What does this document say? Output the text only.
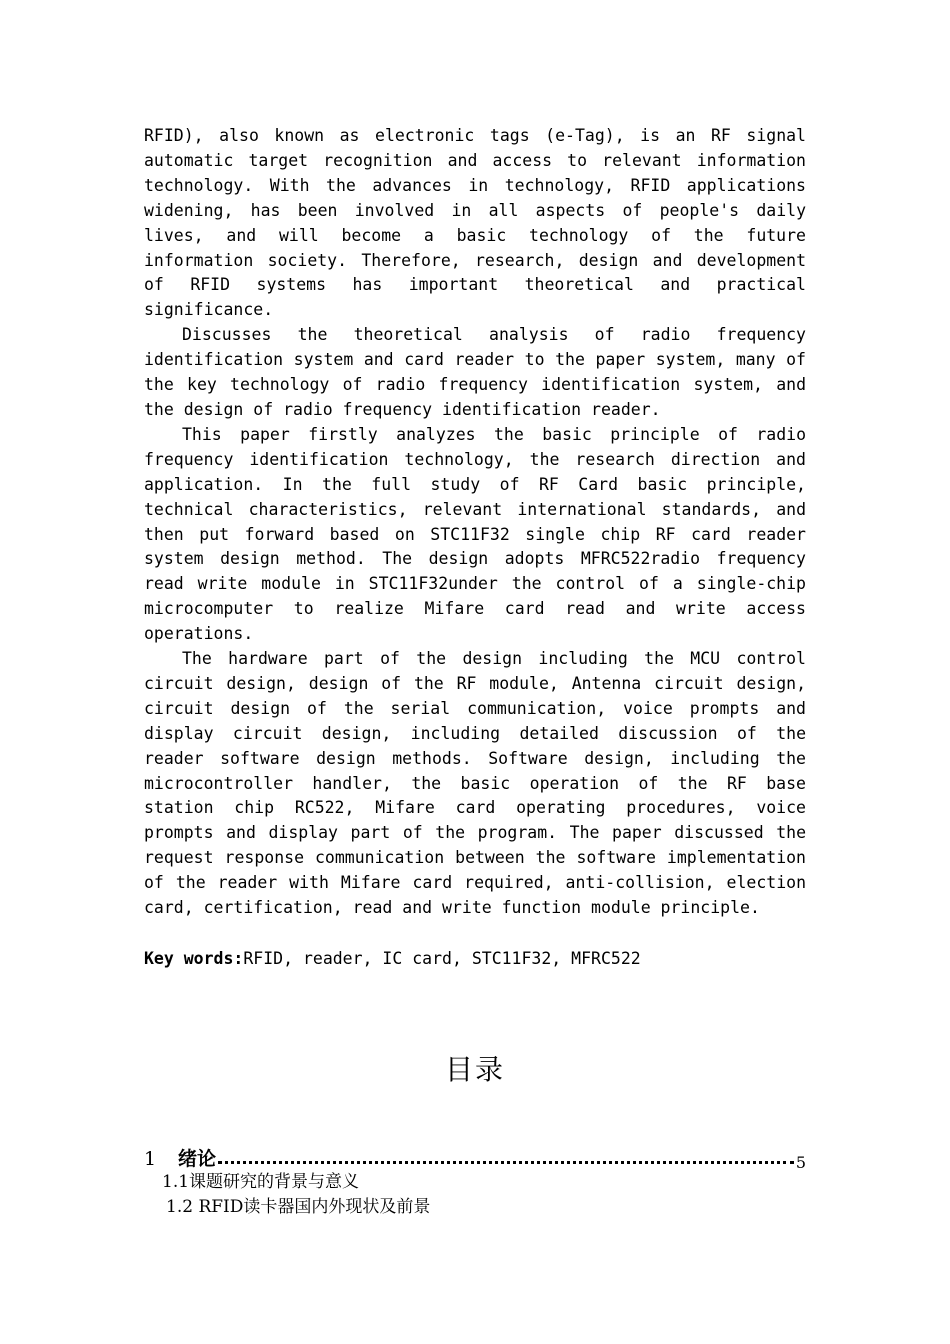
RFID), also known as electronic tags (e-Tag), is an RF signal automatic target recognition and access to relevant information technology. With the advances in technology, RFID applications widening, has been involved in all aspects of people's daily lives, and will become a basic technology of the future information society. Therefore, research, design and development of RFID systems has important theoretical and practical significance.

Discusses the theoretical analysis of radio frequency identification system and card reader to the paper system, many of the key technology of radio frequency identification system, and the design of radio frequency identification reader.

This paper firstly analyzes the basic principle of radio frequency identification technology, the research direction and application. In the full study of RF Card basic principle, technical characteristics, relevant international standards, and then put forward based on STC11F32 single chip RF card reader system design method. The design adopts MFRC522radio frequency read write module in STC11F32under the control of a single-chip microcomputer to realize Mifare card read and write access operations.

The hardware part of the design including the MCU control circuit design, design of the RF module, Antenna circuit design, circuit design of the serial communication, voice prompts and display circuit design, including detailed discussion of the reader software design methods. Software design, including the microcontroller handler, the basic operation of the RF base station chip RC522, Mifare card operating procedures, voice prompts and display part of the program. The paper discussed the request response communication between the software implementation of the reader with Mifare card required, anti-collision, election card, certification, read and write function module principle.

Key words:RFID, reader, IC card, STC11F32, MFRC522
目录
1	绪论	5
1.1课题研究的背景与意义
1.2 RFID读卡器国内外现状及前景
